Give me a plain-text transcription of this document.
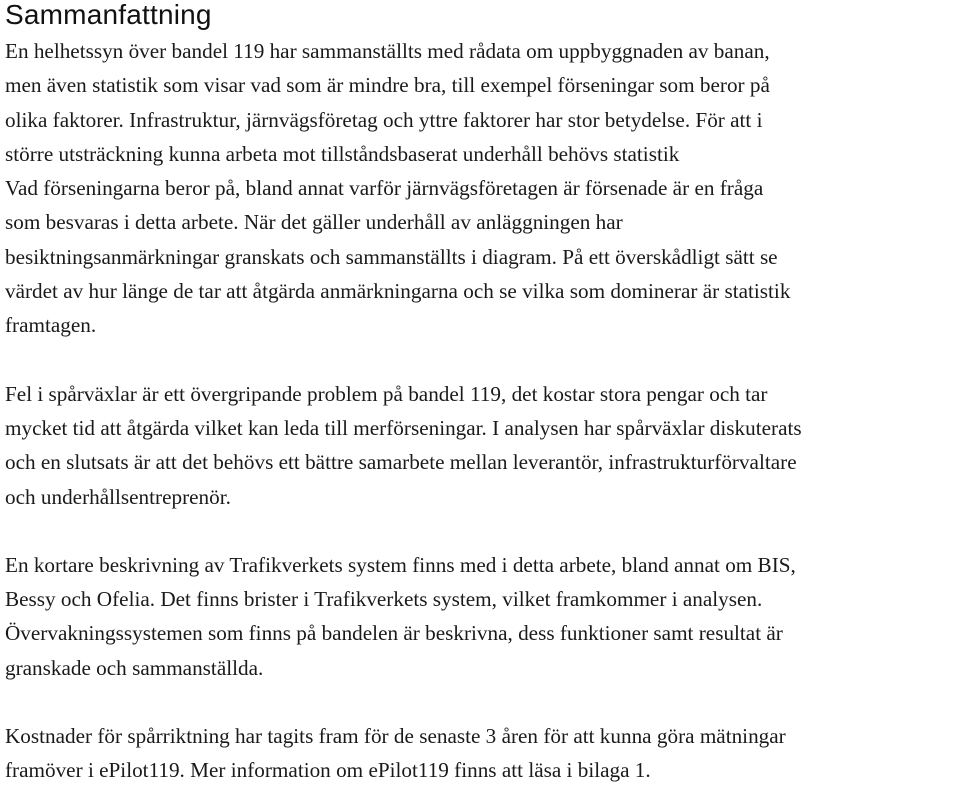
Sammanfattning

En helhetssyn över bandel 119 har sammanställts med rådata om uppbyggnaden av banan,
men även statistik som visar vad som är mindre bra, till exempel förseningar som beror på
olika faktorer. Infrastruktur, järnvägsföretag och yttre faktorer har stor betydelse. För att i
större utsträckning kunna arbeta mot tillståndsbaserat underhåll behövs statistik
Vad förseningarna beror på, bland annat varför järnvägsföretagen är försenade är en fråga
som besvaras i detta arbete. När det gäller underhåll av anläggningen har
besiktningsanmärkningar granskats och sammanställts i diagram. På ett överskådligt sätt se
värdet av hur länge de tar att åtgärda anmärkningarna och se vilka som dominerar är statistik
framtagen.

Fel i spårväxlar är ett övergripande problem på bandel 119, det kostar stora pengar och tar
mycket tid att åtgärda vilket kan leda till merförseningar. I analysen har spårväxlar diskuterats
och en slutsats är att det behövs ett bättre samarbete mellan leverantör, infrastrukturförvaltare
och underhållsentreprenör.

En kortare beskrivning av Trafikverkets system finns med i detta arbete, bland annat om BIS,
Bessy och Ofelia. Det finns brister i Trafikverkets system, vilket framkommer i analysen.
Övervakningssystemen som finns på bandelen är beskrivna, dess funktioner samt resultat är
granskade och sammanställda.

Kostnader för spårriktning har tagits fram för de senaste 3 åren för att kunna göra mätningar
framöver i ePilot119. Mer information om ePilot119 finns att läsa i bilaga 1.
